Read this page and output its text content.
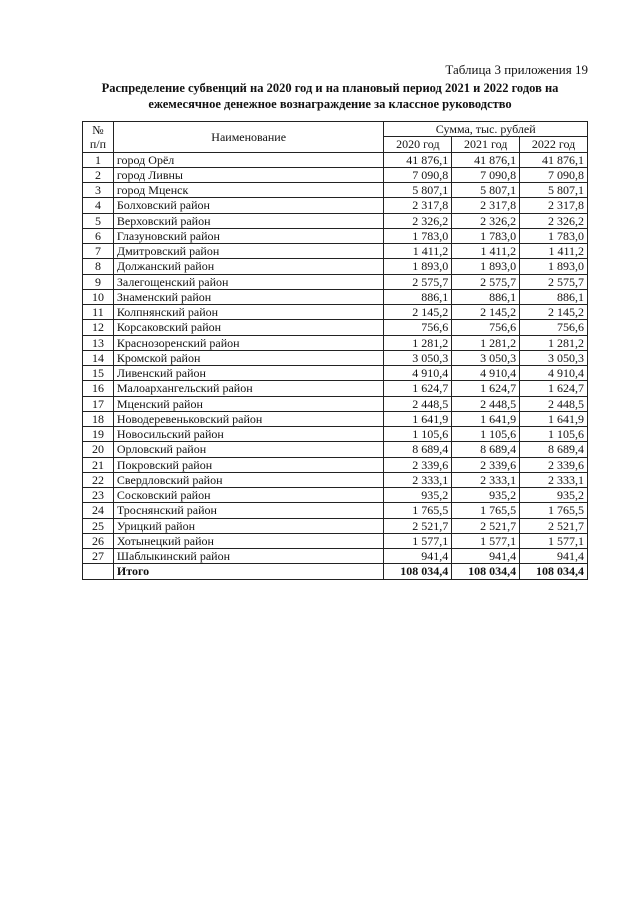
Таблица 3 приложения 19
Распределение субвенций на 2020 год и на плановый период 2021 и 2022 годов на
ежемесячное денежное вознаграждение за классное руководство
№
п/п	Наименование	Сумма, тыс. рублей		
		2020 год	2021 год	2022 год
1	город Орёл	41 876,1	41 876,1	41 876,1
2	город Ливны	7 090,8	7 090,8	7 090,8
3	город Мценск	5 807,1	5 807,1	5 807,1
4	Болховский район	2 317,8	2 317,8	2 317,8
5	Верховский район	2 326,2	2 326,2	2 326,2
6	Глазуновский район	1 783,0	1 783,0	1 783,0
7	Дмитровский район	1 411,2	1 411,2	1 411,2
8	Должанский район	1 893,0	1 893,0	1 893,0
9	Залегощенский район	2 575,7	2 575,7	2 575,7
10	Знаменский район	886,1	886,1	886,1
11	Колпнянский район	2 145,2	2 145,2	2 145,2
12	Корсаковский район	756,6	756,6	756,6
13	Краснозоренский район	1 281,2	1 281,2	1 281,2
14	Кромской район	3 050,3	3 050,3	3 050,3
15	Ливенский район	4 910,4	4 910,4	4 910,4
16	Малоархангельский район	1 624,7	1 624,7	1 624,7
17	Мценский район	2 448,5	2 448,5	2 448,5
18	Новодеревеньковский район	1 641,9	1 641,9	1 641,9
19	Новосильский район	1 105,6	1 105,6	1 105,6
20	Орловский район	8 689,4	8 689,4	8 689,4
21	Покровский район	2 339,6	2 339,6	2 339,6
22	Свердловский район	2 333,1	2 333,1	2 333,1
23	Сосковский район	935,2	935,2	935,2
24	Троснянский район	1 765,5	1 765,5	1 765,5
25	Урицкий район	2 521,7	2 521,7	2 521,7
26	Хотынецкий район	1 577,1	1 577,1	1 577,1
27	Шаблыкинский район	941,4	941,4	941,4
	Итого	108 034,4	108 034,4	108 034,4
